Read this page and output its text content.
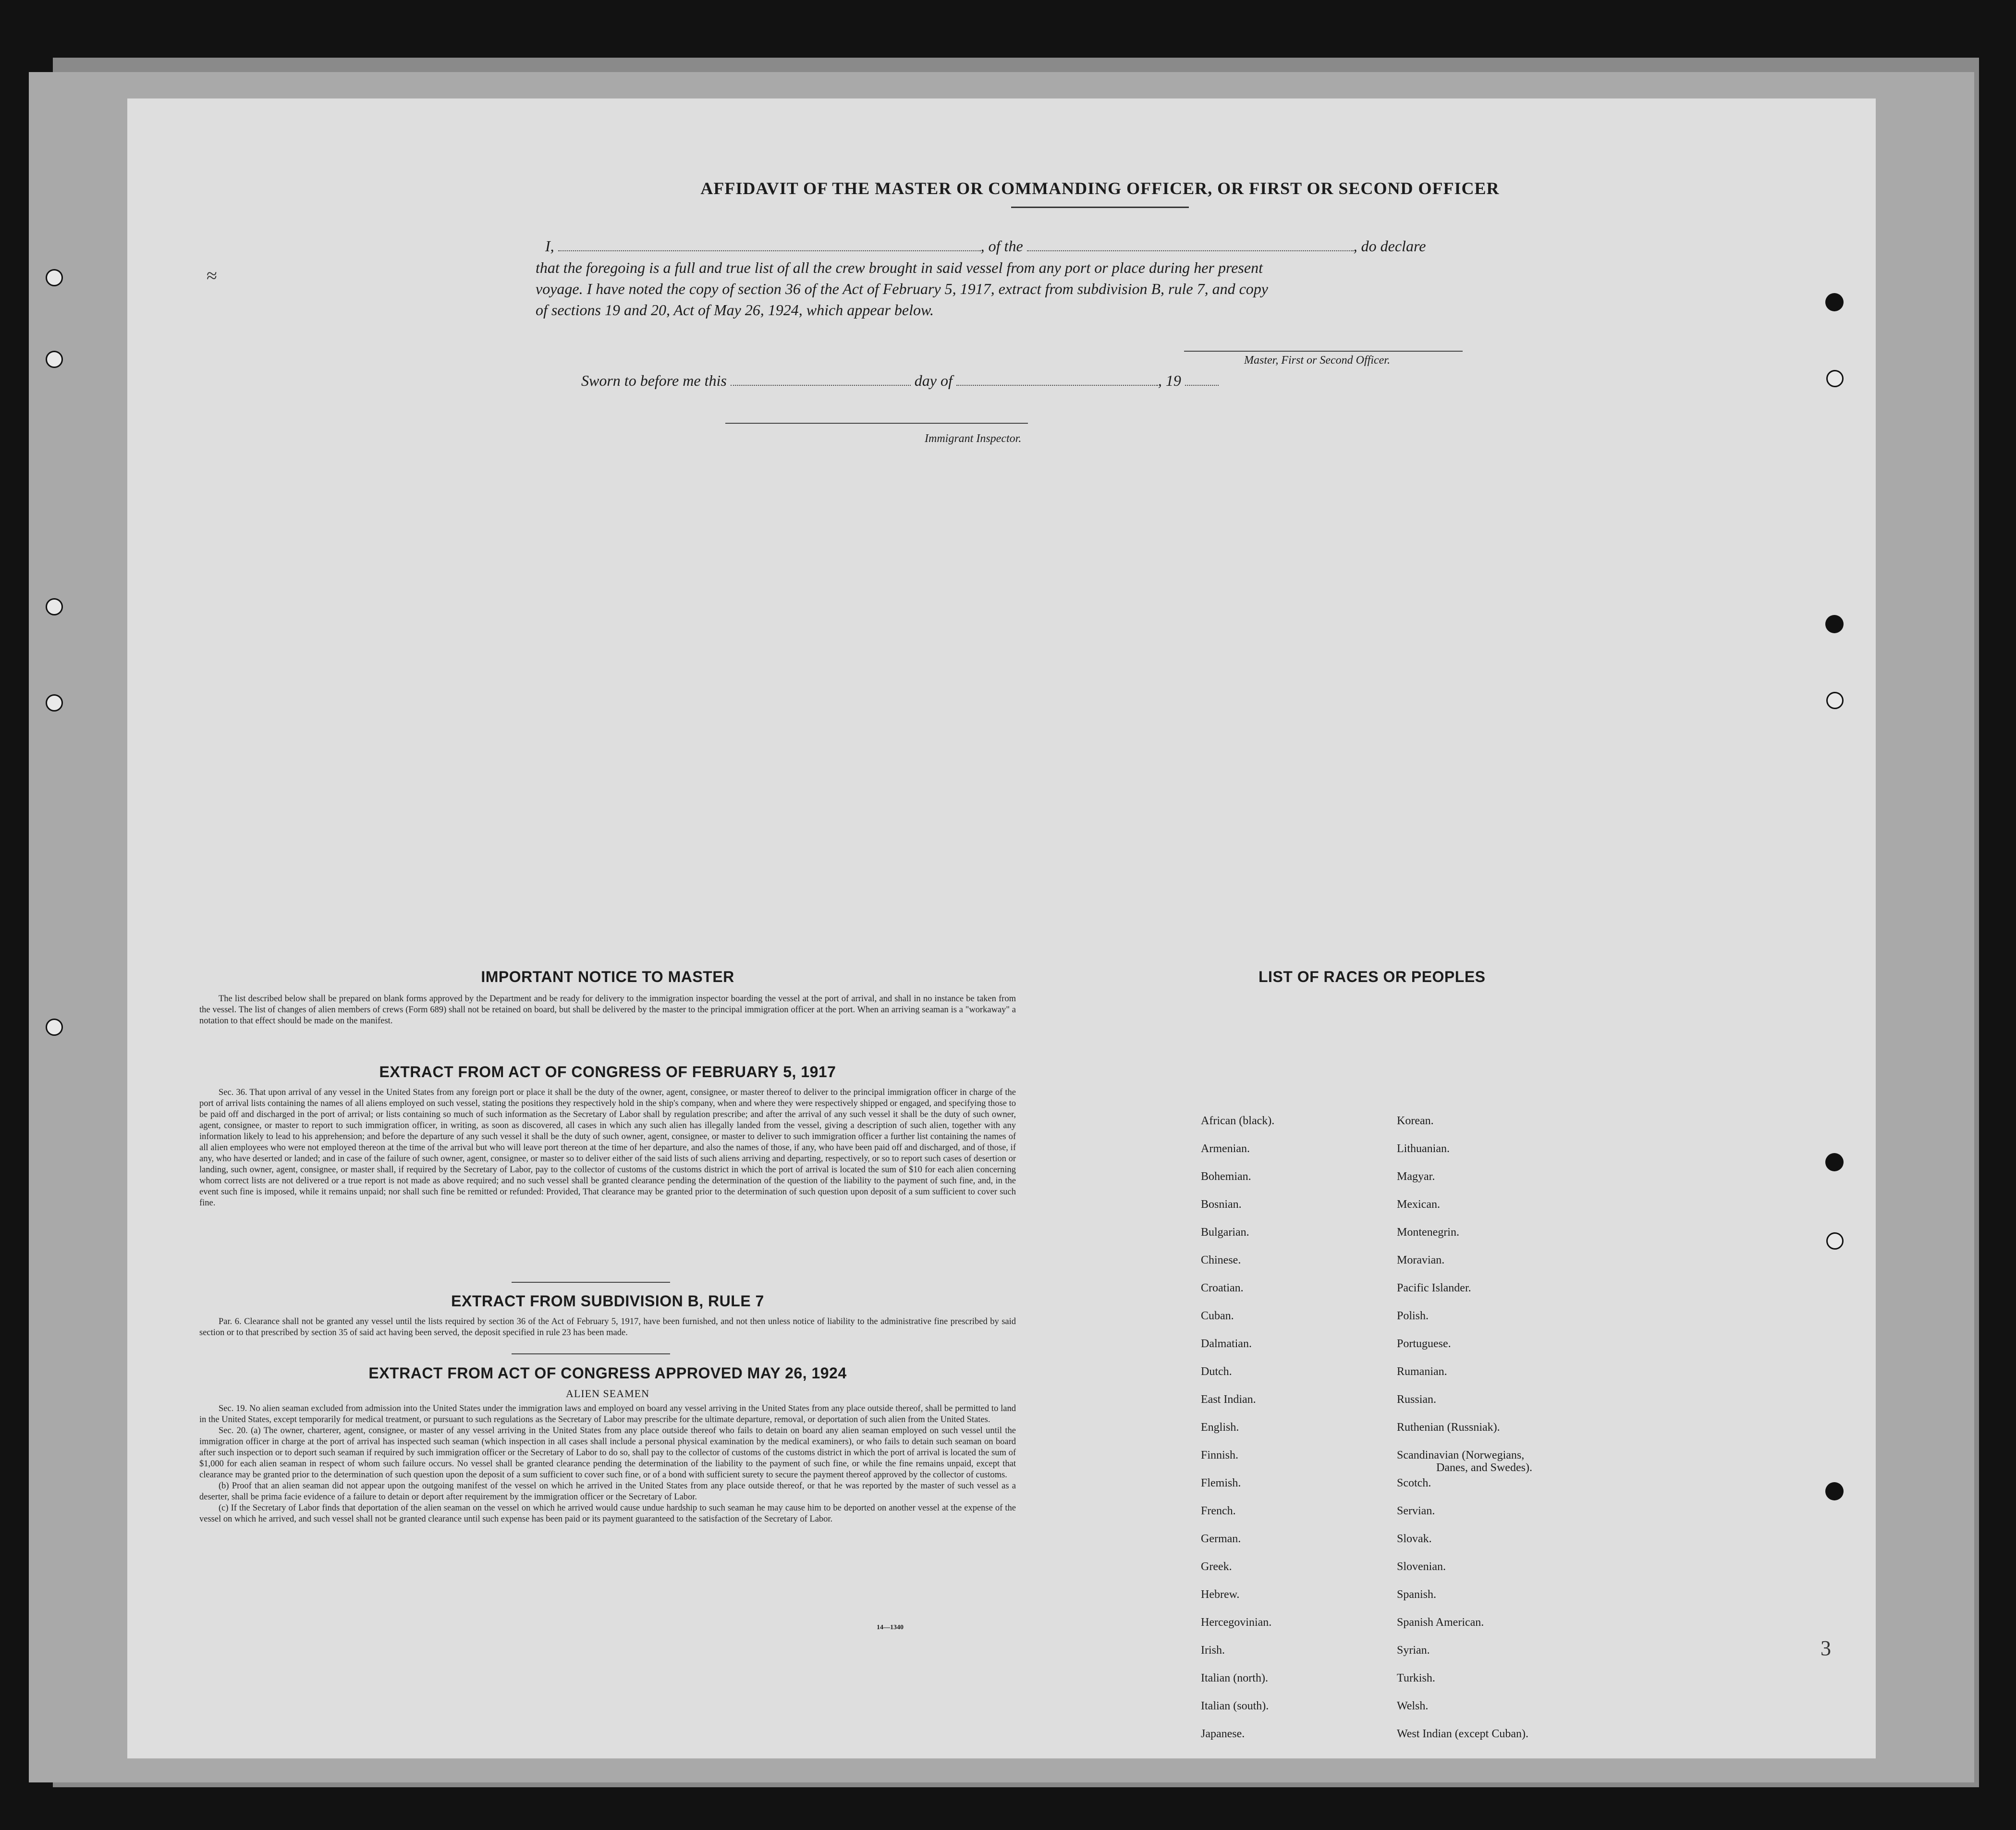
AFFIDAVIT OF THE MASTER OR COMMANDING OFFICER, OR FIRST OR SECOND OFFICER
I,	, of the	, do declare
that the foregoing is a full and true list of all the crew brought in said vessel from any port or place during her present
voyage. I have noted the copy of section 36 of the Act of February 5, 1917, extract from subdivision B, rule 7, and copy
of sections 19 and 20, Act of May 26, 1924, which appear below.
Master, First or Second Officer.
Sworn to before me this	day of	, 19
Immigrant Inspector.
IMPORTANT NOTICE TO MASTER

The list described below shall be prepared on blank forms approved by the Department and be ready for delivery to the immigration inspector boarding the vessel at the port of arrival, and shall in no instance be taken from the vessel. The list of changes of alien members of crews (Form 689) shall not be retained on board, but shall be delivered by the master to the principal immigration officer at the port. When an arriving seaman is a "workaway" a notation to that effect should be made on the manifest.

EXTRACT FROM ACT OF CONGRESS OF FEBRUARY 5, 1917

Sec. 36. That upon arrival of any vessel in the United States from any foreign port or place it shall be the duty of the owner, agent, consignee, or master thereof to deliver to the principal immigration officer in charge of the port of arrival lists containing the names of all aliens employed on such vessel, stating the positions they respectively hold in the ship's company, when and where they were respectively shipped or engaged, and specifying those to be paid off and discharged in the port of arrival; or lists containing so much of such information as the Secretary of Labor shall by regulation prescribe; and after the arrival of any such vessel it shall be the duty of such owner, agent, consignee, or master to report to such immigration officer, in writing, as soon as discovered, all cases in which any such alien has illegally landed from the vessel, giving a description of such alien, together with any information likely to lead to his apprehension; and before the departure of any such vessel it shall be the duty of such owner, agent, consignee, or master to deliver to such immigration officer a further list containing the names of all alien employees who were not employed thereon at the time of the arrival but who will leave port thereon at the time of her departure, and also the names of those, if any, who have been paid off and discharged, and of those, if any, who have deserted or landed; and in case of the failure of such owner, agent, consignee, or master so to deliver either of the said lists of such aliens arriving and departing, respectively, or so to report such cases of desertion or landing, such owner, agent, consignee, or master shall, if required by the Secretary of Labor, pay to the collector of customs of the customs district in which the port of arrival is located the sum of $10 for each alien concerning whom correct lists are not delivered or a true report is not made as above required; and no such vessel shall be granted clearance pending the determination of the question of the liability to the payment of such fine, and, in the event such fine is imposed, while it remains unpaid; nor shall such fine be remitted or refunded: Provided, That clearance may be granted prior to the determination of such question upon deposit of a sum sufficient to cover such fine.

EXTRACT FROM SUBDIVISION B, RULE 7

Par. 6. Clearance shall not be granted any vessel until the lists required by section 36 of the Act of February 5, 1917, have been furnished, and not then unless notice of liability to the administrative fine prescribed by said section or to that prescribed by section 35 of said act having been served, the deposit specified in rule 23 has been made.

EXTRACT FROM ACT OF CONGRESS APPROVED MAY 26, 1924
ALIEN SEAMEN

Sec. 19. No alien seaman excluded from admission into the United States under the immigration laws and employed on board any vessel arriving in the United States from any place outside thereof, shall be permitted to land in the United States, except temporarily for medical treatment, or pursuant to such regulations as the Secretary of Labor may prescribe for the ultimate departure, removal, or deportation of such alien from the United States.

Sec. 20. (a) The owner, charterer, agent, consignee, or master of any vessel arriving in the United States from any place outside thereof who fails to detain on board any alien seaman employed on such vessel until the immigration officer in charge at the port of arrival has inspected such seaman (which inspection in all cases shall include a personal physical examination by the medical examiners), or who fails to detain such seaman on board after such inspection or to deport such seaman if required by such immigration officer or the Secretary of Labor to do so, shall pay to the collector of customs of the customs district in which the port of arrival is located the sum of $1,000 for each alien seaman in respect of whom such failure occurs. No vessel shall be granted clearance pending the determination of the liability to the payment of such fine, or while the fine remains unpaid, except that clearance may be granted prior to the determination of such question upon the deposit of a sum sufficient to cover such fine, or of a bond with sufficient surety to secure the payment thereof approved by the collector of customs.

(b) Proof that an alien seaman did not appear upon the outgoing manifest of the vessel on which he arrived in the United States from any place outside thereof, or that he was reported by the master of such vessel as a deserter, shall be prima facie evidence of a failure to detain or deport after requirement by the immigration officer or the Secretary of Labor.

(c) If the Secretary of Labor finds that deportation of the alien seaman on the vessel on which he arrived would cause undue hardship to such seaman he may cause him to be deported on another vessel at the expense of the vessel on which he arrived, and such vessel shall not be granted clearance until such expense has been paid or its payment guaranteed to the satisfaction of the Secretary of Labor.

14—1340
LIST OF RACES OR PEOPLES
African (black).
Armenian.
Bohemian.
Bosnian.
Bulgarian.
Chinese.
Croatian.
Cuban.
Dalmatian.
Dutch.
East Indian.
English.
Finnish.
Flemish.
French.
German.
Greek.
Hebrew.
Hercegovinian.
Irish.
Italian (north).
Italian (south).
Japanese.
Korean.
Lithuanian.
Magyar.
Mexican.
Montenegrin.
Moravian.
Pacific Islander.
Polish.
Portuguese.
Rumanian.
Russian.
Ruthenian (Russniak).
Scandinavian (Norwegians,
Scotch.
Servian.
Slovak.
Slovenian.
Spanish.
Spanish American.
Syrian.
Turkish.
Welsh.
West Indian (except Cuban).
Danes, and Swedes).
3
≈
